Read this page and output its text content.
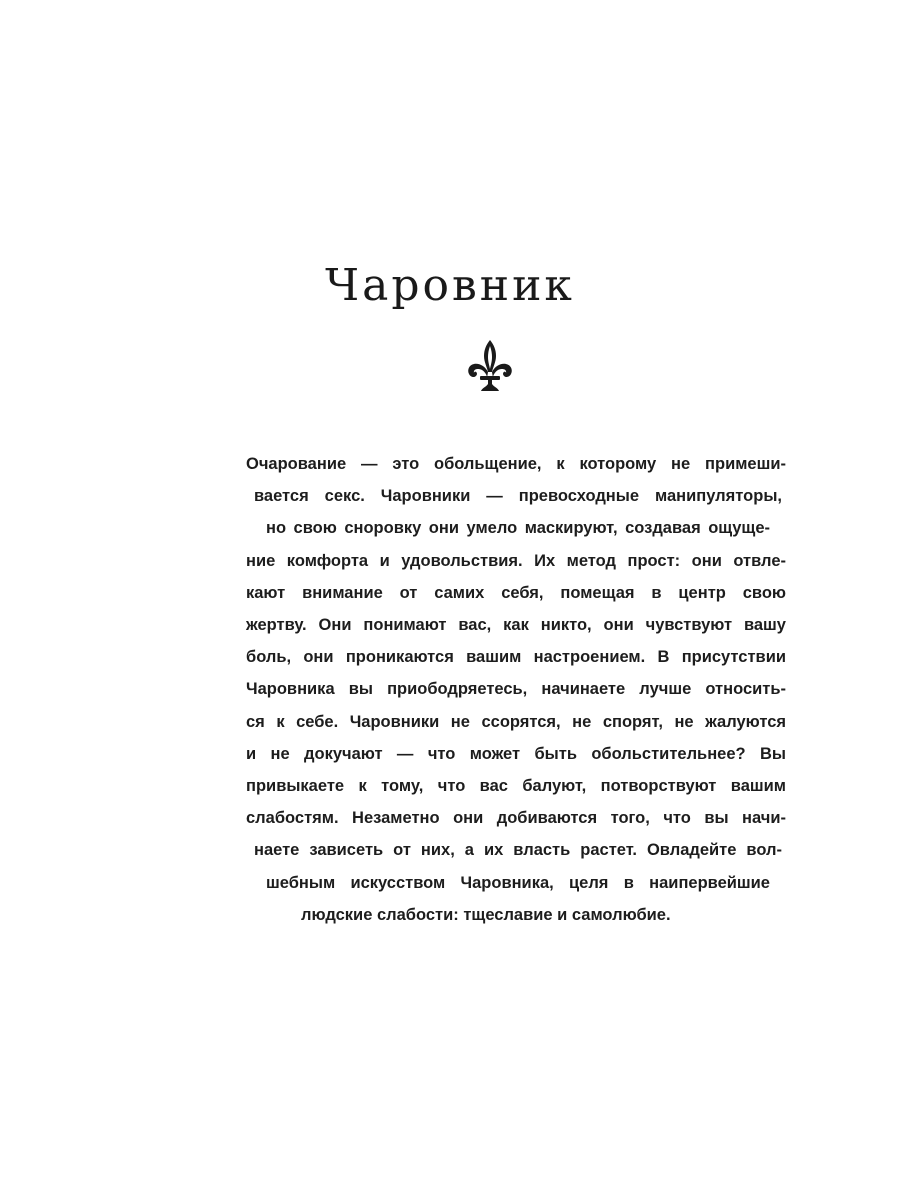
Чаровник
Очарование — это обольщение, к которому не примеши-
вается секс. Чаровники — превосходные манипуляторы,
но свою сноровку они умело маскируют, создавая ощуще-
ние комфорта и удовольствия. Их метод прост: они отвле-
кают внимание от самих себя, помещая в центр свою
жертву. Они понимают вас, как никто, они чувствуют вашу
боль, они проникаются вашим настроением. В присутствии
Чаровника вы приободряетесь, начинаете лучше относить-
ся к себе. Чаровники не ссорятся, не спорят, не жалуются
и не докучают — что может быть обольстительнее? Вы
привыкаете к тому, что вас балуют, потворствуют вашим
слабостям. Незаметно они добиваются того, что вы начи-
наете зависеть от них, а их власть растет. Овладейте вол-
шебным искусством Чаровника, целя в наипервейшие
людские слабости: тщеславие и самолюбие.
